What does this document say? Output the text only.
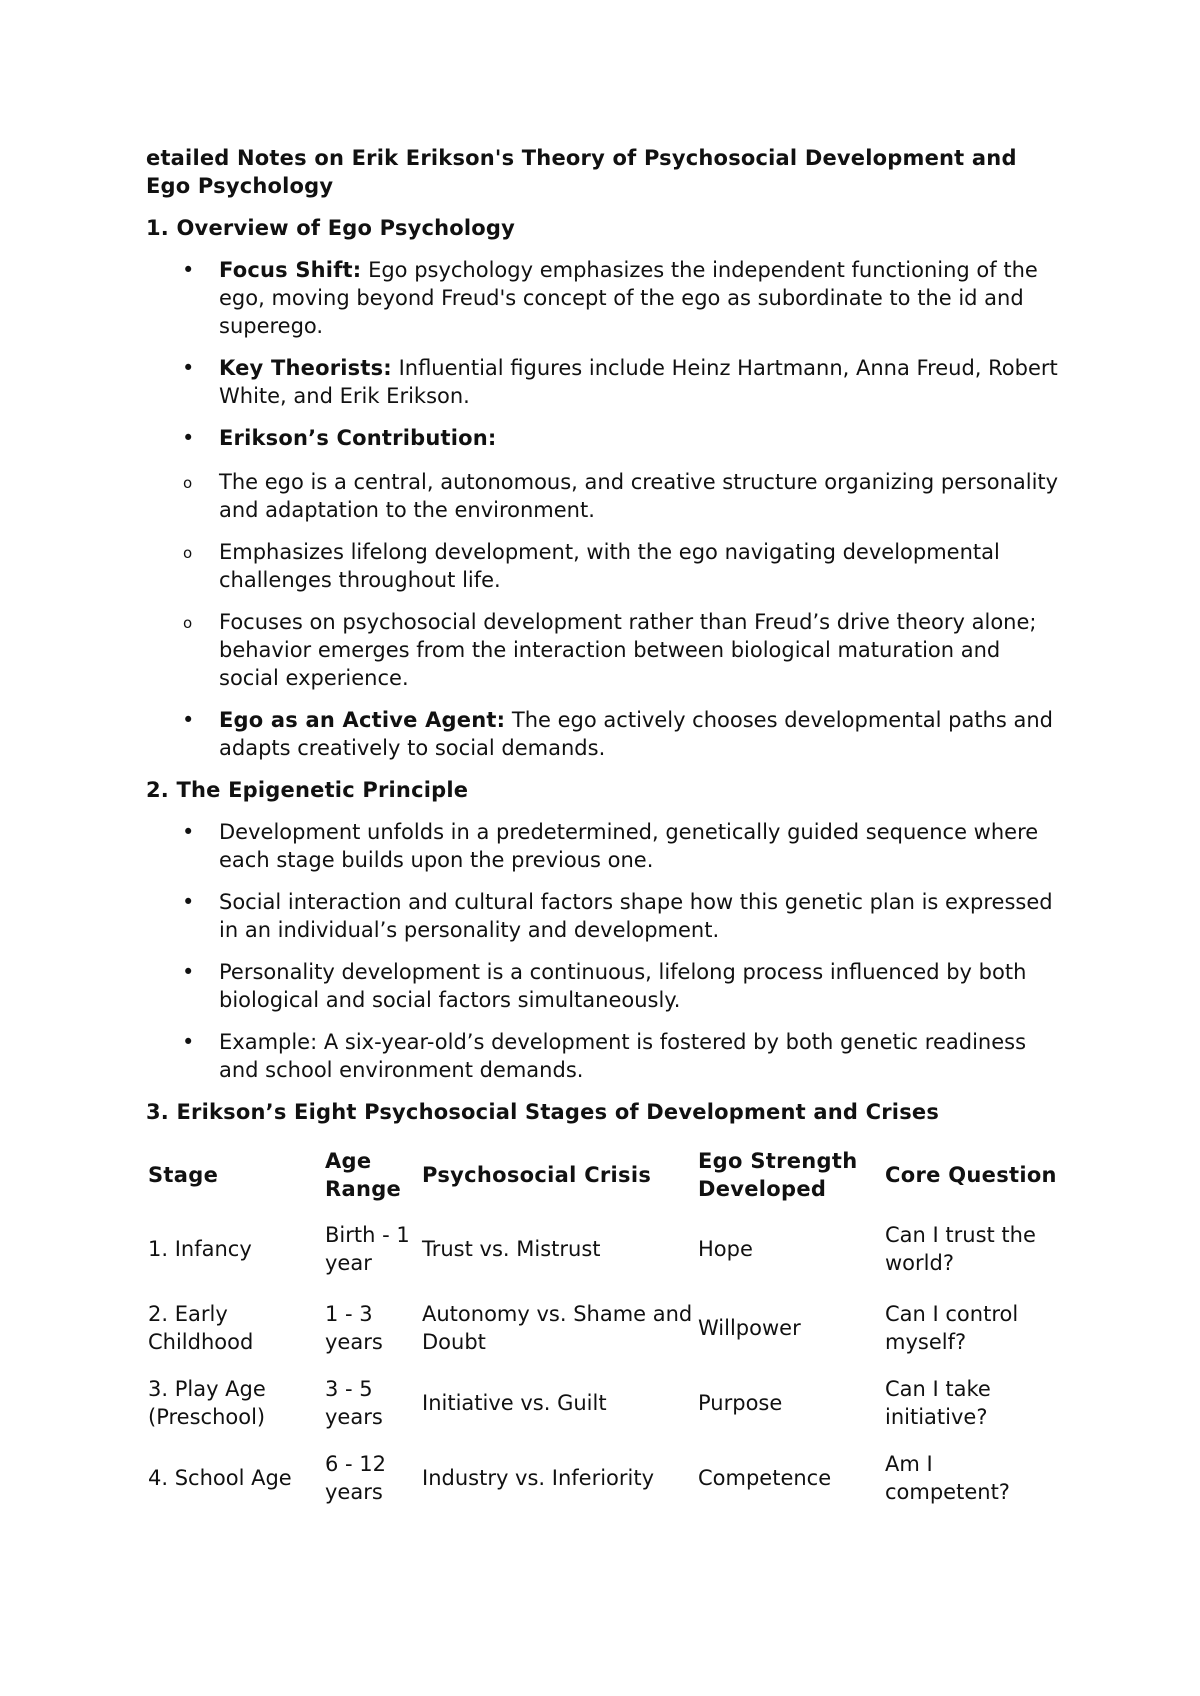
etailed Notes on Erik Erikson's Theory of Psychosocial Development and Ego Psychology
1. Overview of Ego Psychology
• Focus Shift: Ego psychology emphasizes the independent functioning of the ego, moving beyond Freud's concept of the ego as subordinate to the id and superego.
• Key Theorists: Influential figures include Heinz Hartmann, Anna Freud, Robert White, and Erik Erikson.
• Erikson’s Contribution:
o The ego is a central, autonomous, and creative structure organizing personality and adaptation to the environment.
o Emphasizes lifelong development, with the ego navigating developmental challenges throughout life.
o Focuses on psychosocial development rather than Freud’s drive theory alone; behavior emerges from the interaction between biological maturation and social experience.
• Ego as an Active Agent: The ego actively chooses developmental paths and adapts creatively to social demands.
2. The Epigenetic Principle
• Development unfolds in a predetermined, genetically guided sequence where each stage builds upon the previous one.
• Social interaction and cultural factors shape how this genetic plan is expressed in an individual’s personality and development.
• Personality development is a continuous, lifelong process influenced by both biological and social factors simultaneously.
• Example: A six-year-old’s development is fostered by both genetic readiness and school environment demands.
3. Erikson’s Eight Psychosocial Stages of Development and Crises
Stage	Age Range	Psychosocial Crisis	Ego Strength Developed	Core Question
1. Infancy	Birth - 1 year	Trust vs. Mistrust	Hope	Can I trust the world?
2. Early Childhood	1 - 3 years	Autonomy vs. Shame and Doubt	Willpower	Can I control myself?
3. Play Age (Preschool)	3 - 5 years	Initiative vs. Guilt	Purpose	Can I take initiative?
4. School Age	6 - 12 years	Industry vs. Inferiority	Competence	Am I competent?
